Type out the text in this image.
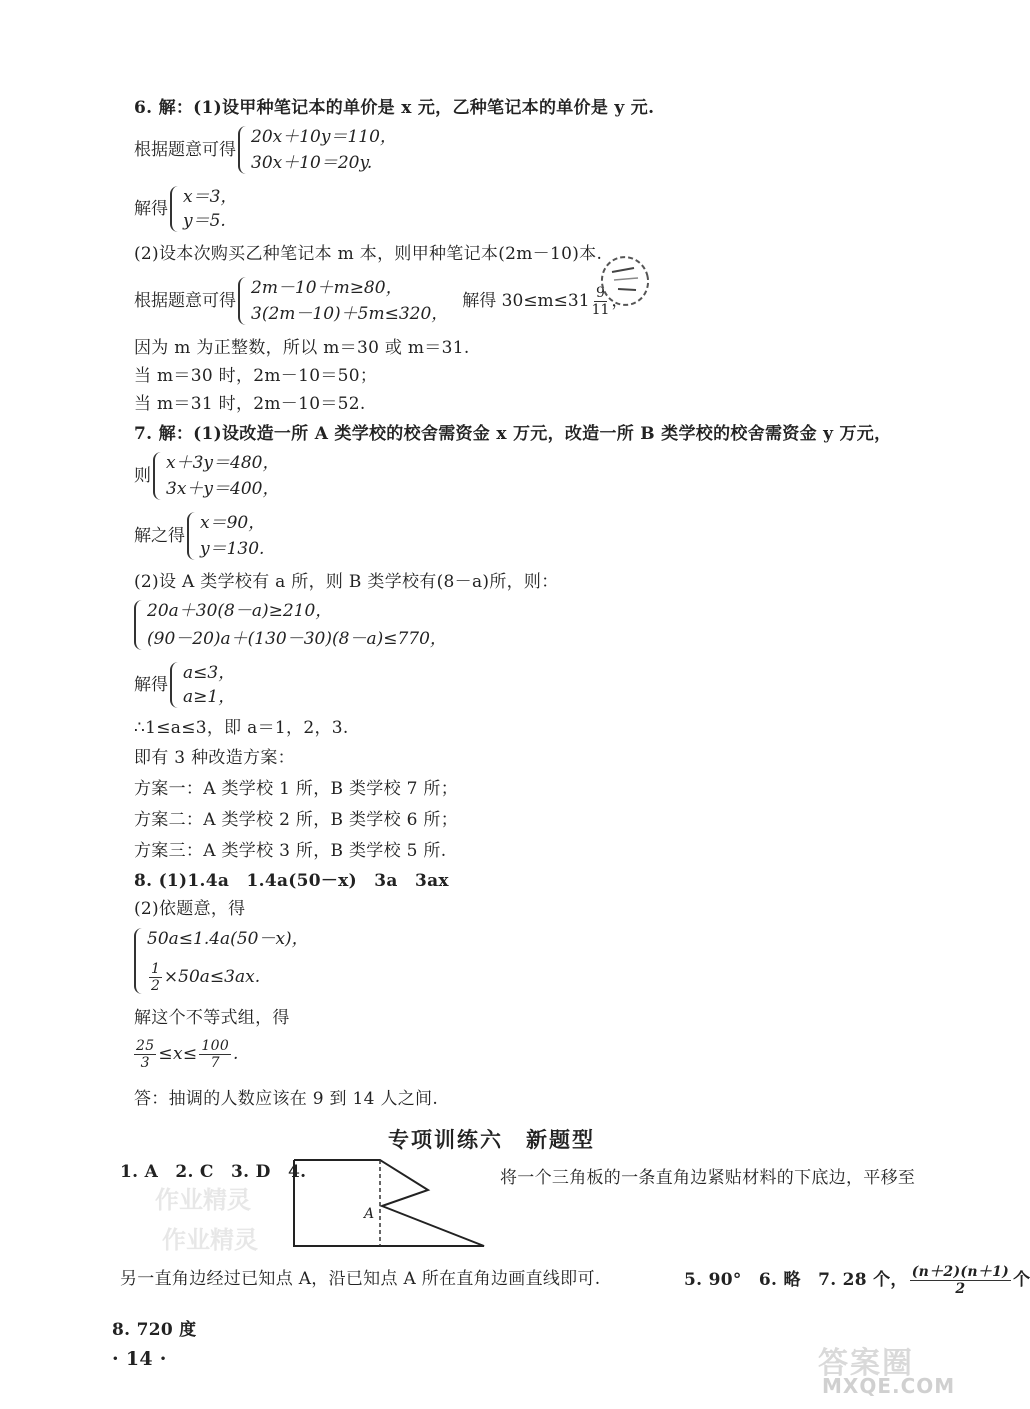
6. 解：(1)设甲种笔记本的单价是 x 元，乙种笔记本的单价是 y 元.
根据题意可得
20x＋10y＝110，
30x＋10＝20y.
解得
x＝3，
y＝5.
(2)设本次购买乙种笔记本 m 本，则甲种笔记本(2m－10)本.
根据题意可得
2m－10＋m≥80，
3(2m－10)＋5m≤320，
解得 $30\le m\le 31 \frac{9}{11}$ ，
因为 m 为正整数，所以 m＝30 或 m＝31.
当 m＝30 时，2m－10＝50；
当 m＝31 时，2m－10＝52.
7. 解：(1)设改造一所 A 类学校的校舍需资金 x 万元，改造一所 B 类学校的校舍需资金 y 万元，
则
x＋3y＝480，
3x＋y＝400，
解之得
x＝90，
y＝130.
(2)设 A 类学校有 a 所，则 B 类学校有(8－a)所，则：
20a＋30(8－a)≥210，
(90－20)a＋(130－30)(8－a)≤770，
解得
a≤3，
a≥1，
∴1≤a≤3，即 a＝1，2，3.
即有 3 种改造方案：
方案一：A 类学校 1 所，B 类学校 7 所；
方案二：A 类学校 2 所，B 类学校 6 所；
方案三：A 类学校 3 所，B 类学校 5 所.
8. (1)1.4a　1.4a(50－x)　3a　3ax
(2)依题意，得
50a≤1.4a(50－x)，
$\frac{1}{2} \times 50a\le 3ax$.
解这个不等式组，得
$\frac{25}{3} \le x\le \frac{100}{7}$ .
答：抽调的人数应该在 9 到 14 人之间.
专项训练六　新题型
1. A　2. C　3. D　4.
作业精灵
作业精灵
A
将一个三角板的一条直角边紧贴材料的下底边，平移至
另一直角边经过已知点 A，沿已知点 A 所在直角边画直线即可.	5. 90°　6. 略　7. 28 个， $\frac{(n+2)(n+1)}{2}$ 个
8. 720 度
· 14 ·	答案圈
MXQE.COM
